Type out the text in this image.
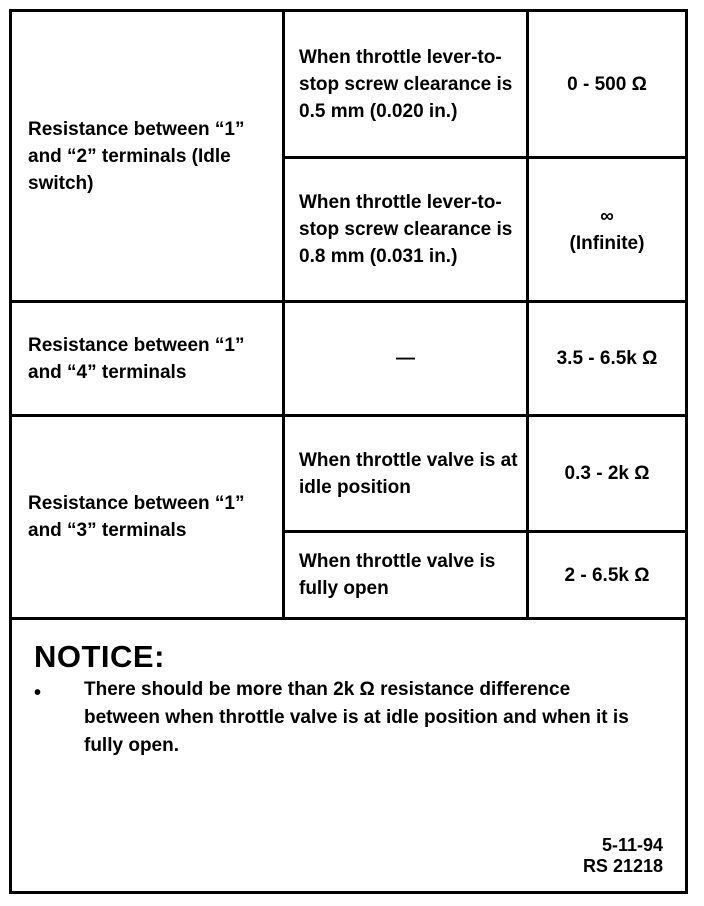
Resistance between “1” and “2” terminals (Idle switch)	When throttle lever-to-stop screw clearance is 0.5 mm (0.020 in.)	0 - 500 Ω
	When throttle lever-to-stop screw clearance is 0.8 mm (0.031 in.)	∞
(Infinite)

Resistance between “1” and “4” terminals	—	3.5 - 6.5k Ω
Resistance between “1” and “3” terminals	When throttle valve is at idle position	0.3 - 2k Ω
	When throttle valve is fully open	2 - 6.5k Ω
NOTICE:
• There should be more than 2k Ω resistance difference between when throttle valve is at idle position and when it is fully open.
5-11-94
RS 21218
